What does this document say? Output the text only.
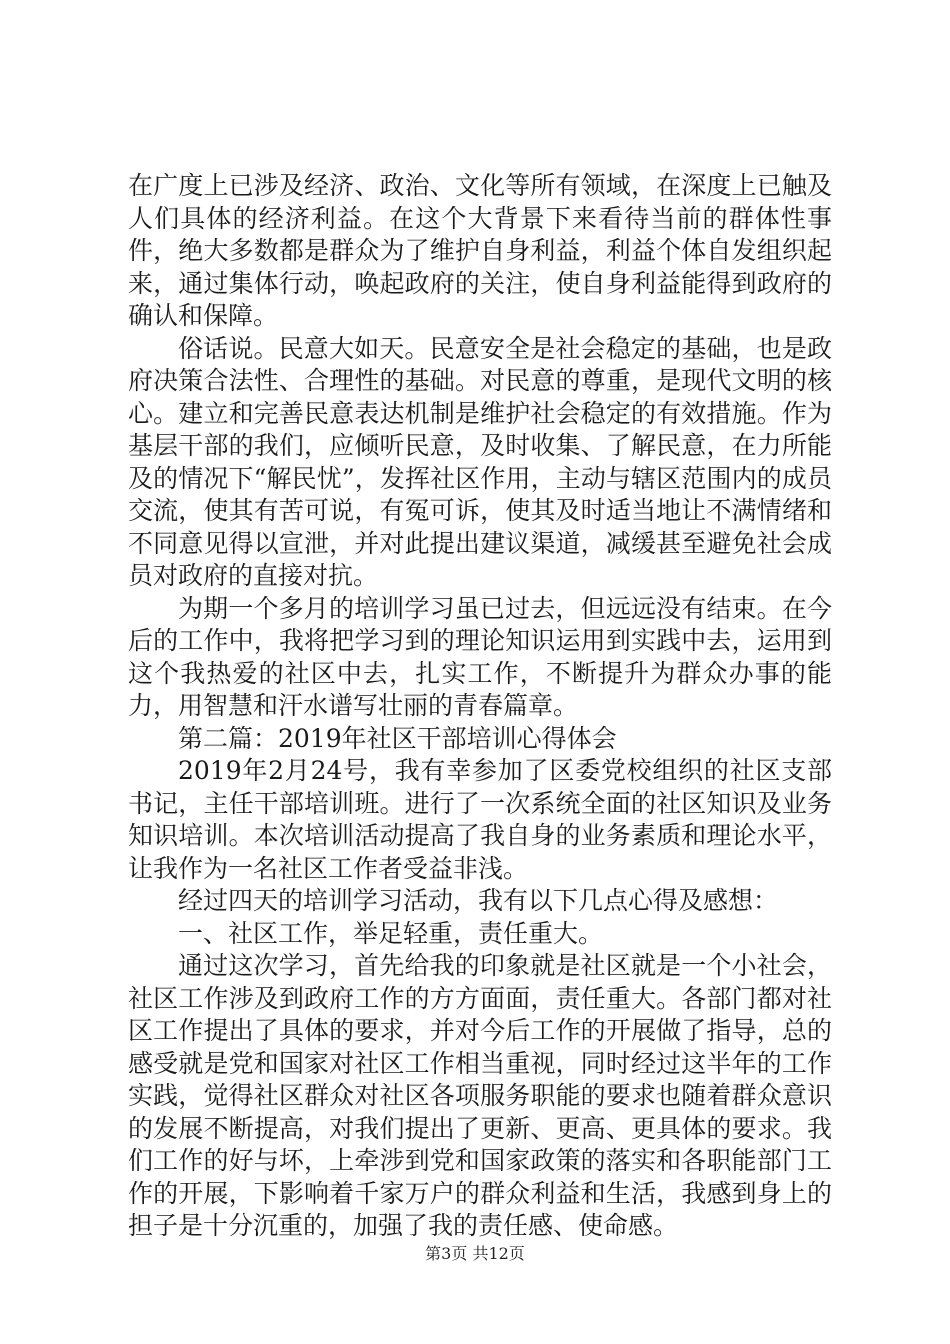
在广度上已涉及经济、政治、文化等所有领域，在深度上已触及人们具体的经济利益。在这个大背景下来看待当前的群体性事件，绝大多数都是群众为了维护自身利益，利益个体自发组织起来，通过集体行动，唤起政府的关注，使自身利益能得到政府的确认和保障。

俗话说。民意大如天。民意安全是社会稳定的基础，也是政府决策合法性、合理性的基础。对民意的尊重，是现代文明的核心。建立和完善民意表达机制是维护社会稳定的有效措施。作为基层干部的我们，应倾听民意，及时收集、了解民意，在力所能及的情况下“解民忧”，发挥社区作用，主动与辖区范围内的成员交流，使其有苦可说，有冤可诉，使其及时适当地让不满情绪和不同意见得以宣泄，并对此提出建议渠道，减缓甚至避免社会成员对政府的直接对抗。

为期一个多月的培训学习虽已过去，但远远没有结束。在今后的工作中，我将把学习到的理论知识运用到实践中去，运用到这个我热爱的社区中去，扎实工作，不断提升为群众办事的能力，用智慧和汗水谱写壮丽的青春篇章。

第二篇：2019年社区干部培训心得体会

2019年2月24号，我有幸参加了区委党校组织的社区支部书记，主任干部培训班。进行了一次系统全面的社区知识及业务知识培训。本次培训活动提高了我自身的业务素质和理论水平，让我作为一名社区工作者受益非浅。

经过四天的培训学习活动，我有以下几点心得及感想：

一、社区工作，举足轻重，责任重大。

通过这次学习，首先给我的印象就是社区就是一个小社会，社区工作涉及到政府工作的方方面面，责任重大。各部门都对社区工作提出了具体的要求，并对今后工作的开展做了指导，总的感受就是党和国家对社区工作相当重视，同时经过这半年的工作实践，觉得社区群众对社区各项服务职能的要求也随着群众意识的发展不断提高，对我们提出了更新、更高、更具体的要求。我们工作的好与坏，上牵涉到党和国家政策的落实和各职能部门工作的开展，下影响着千家万户的群众利益和生活，我感到身上的担子是十分沉重的，加强了我的责任感、使命感。

第3页 共12页
